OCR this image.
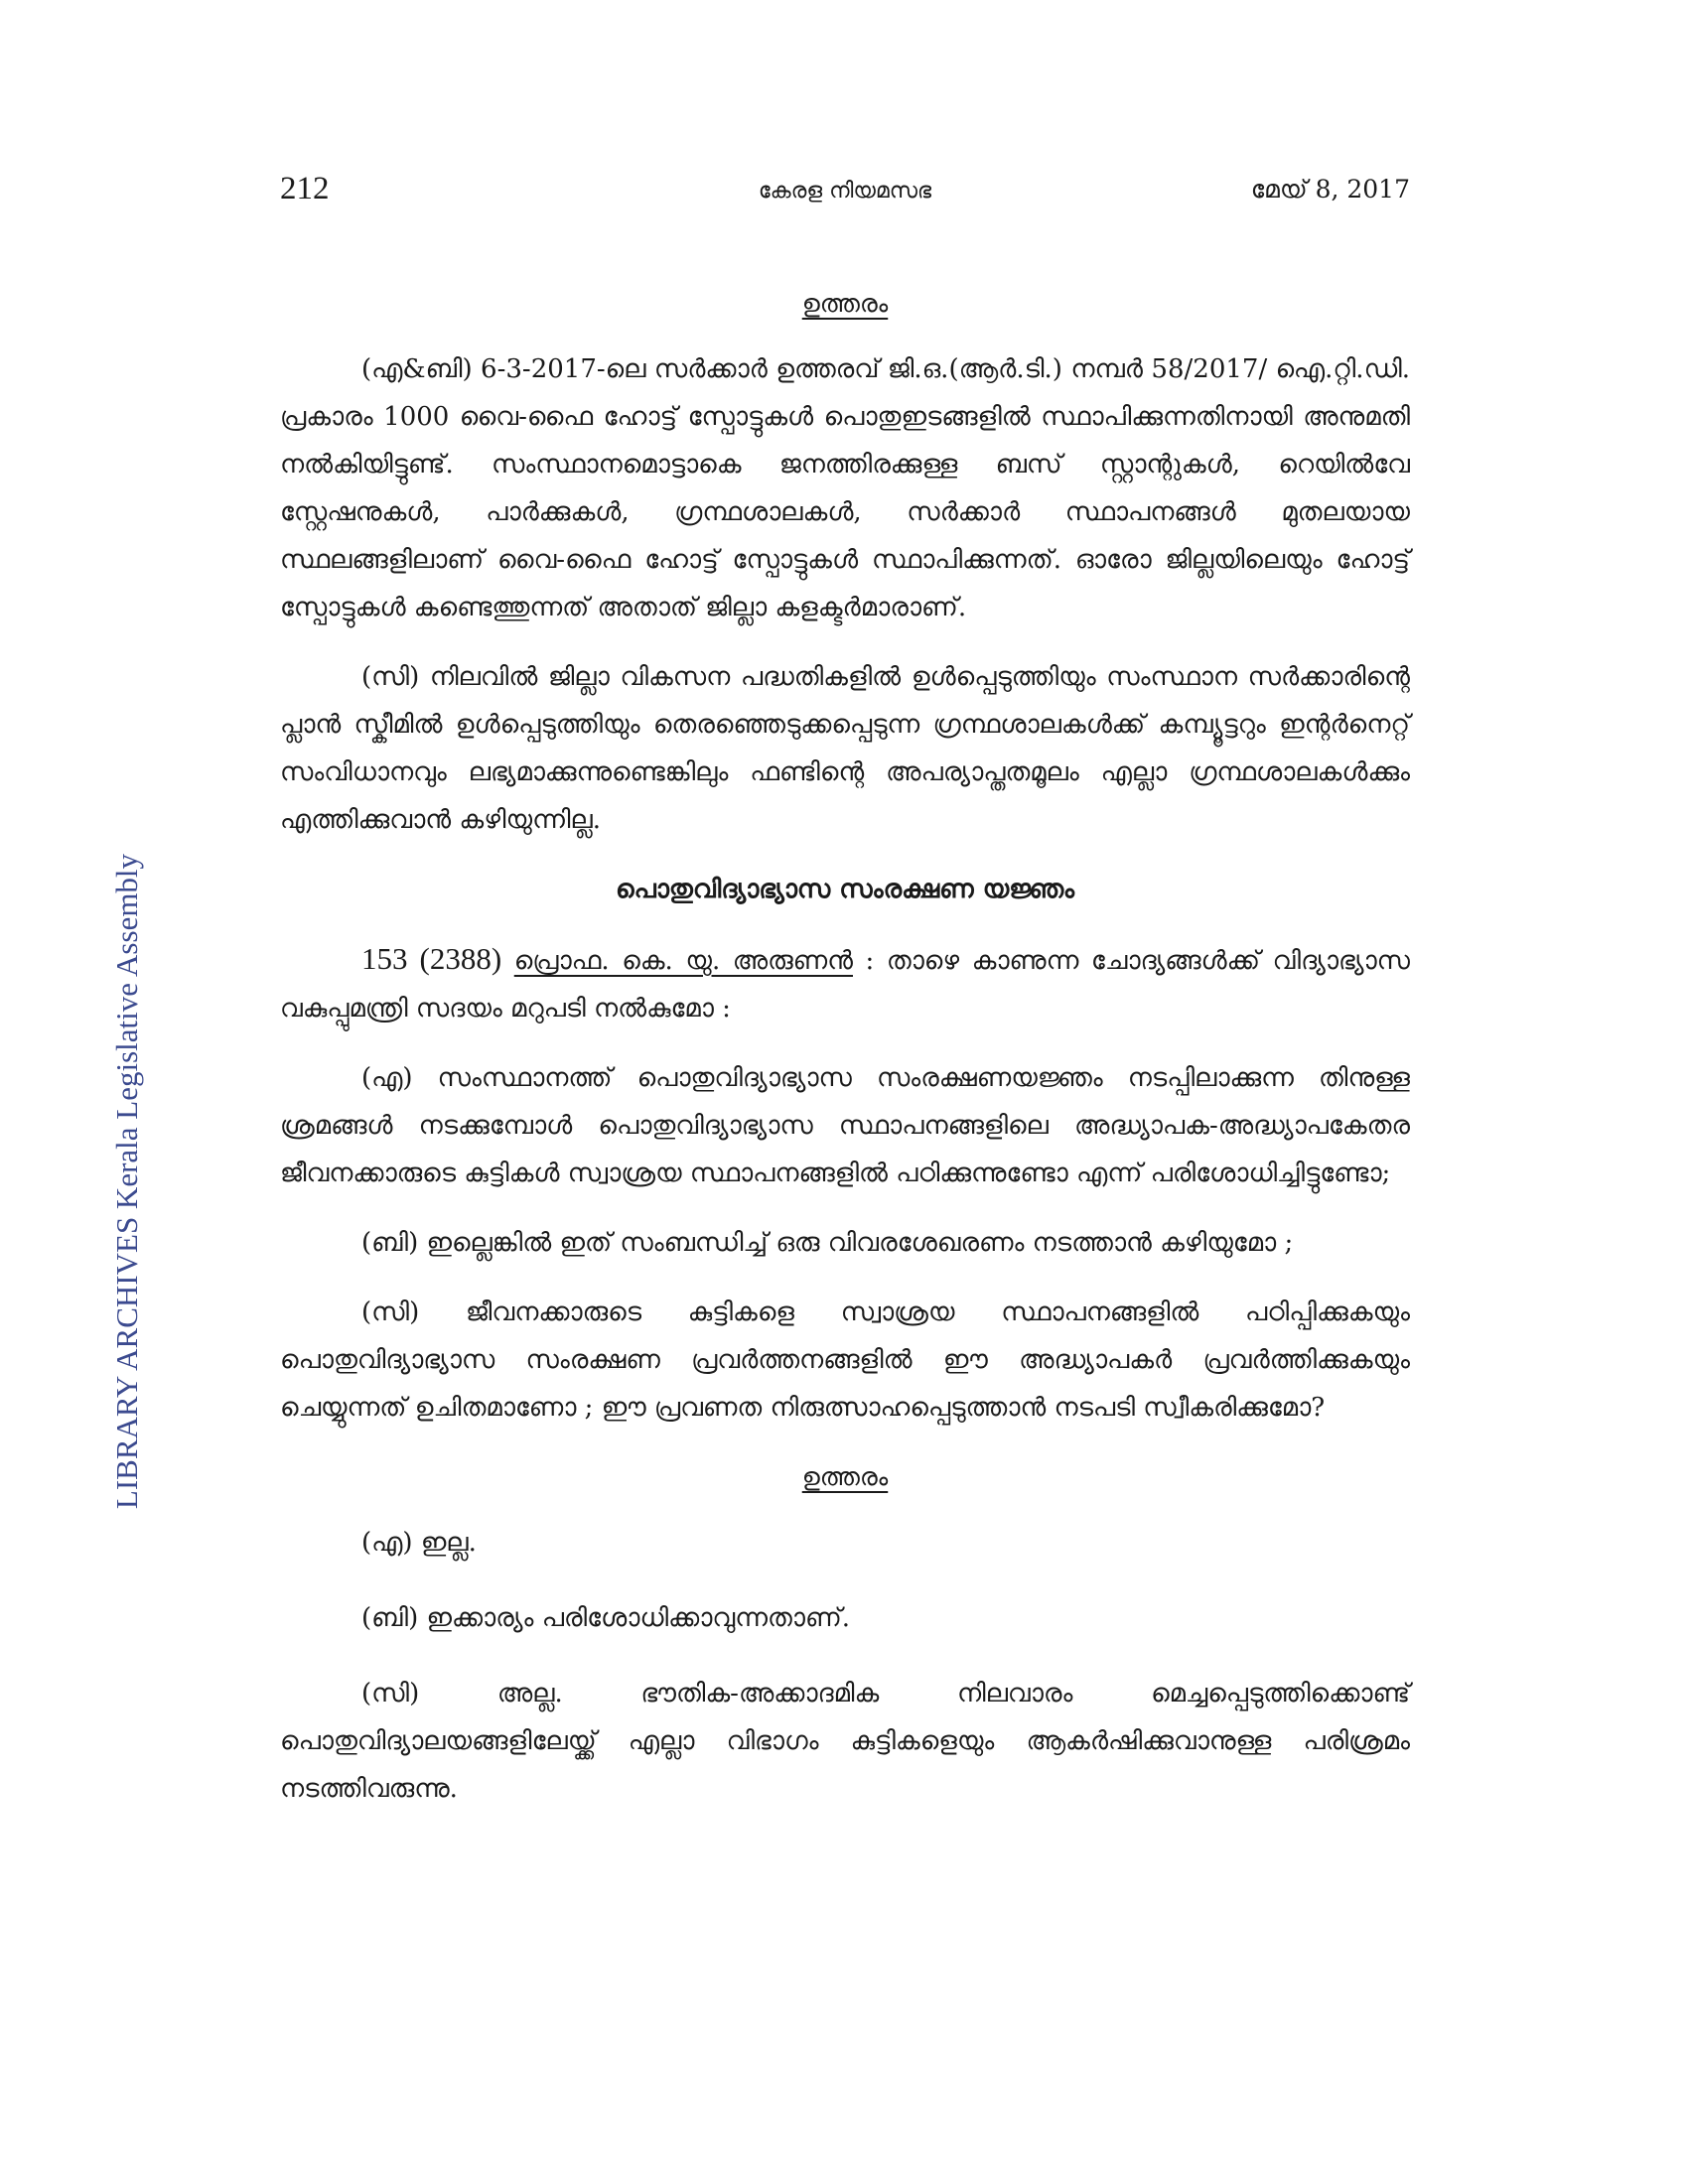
LIBRARY ARCHIVES Kerala Legislative Assembly
212	കേരള നിയമസഭ	മേയ് 8, 2017
ഉത്തരം

(എ&ബി) 6-3-2017-ലെ സർക്കാർ ഉത്തരവ് ജി.ഒ.(ആർ.ടി.) നമ്പർ 58/2017/ ഐ.റ്റി.ഡി. പ്രകാരം 1000 വൈ-ഫൈ ഹോട്ട് സ്പോട്ടുകൾ പൊതുഇടങ്ങളിൽ സ്ഥാപിക്കുന്നതിനായി അനുമതി നൽകിയിട്ടുണ്ട്. സംസ്ഥാനമൊട്ടാകെ ജനത്തിരക്കുള്ള ബസ് സ്റ്റാന്റുകൾ, റെയിൽവേ സ്റ്റേഷനുകൾ, പാർക്കുകൾ, ഗ്രന്ഥശാലകൾ, സർക്കാർ സ്ഥാപനങ്ങൾ മുതലയായ സ്ഥലങ്ങളിലാണ് വൈ-ഫൈ ഹോട്ട് സ്പോട്ടുകൾ സ്ഥാപിക്കുന്നത്. ഓരോ ജില്ലയിലെയും ഹോട്ട് സ്പോട്ടുകൾ കണ്ടെത്തുന്നത് അതാത് ജില്ലാ കളക്ടർമാരാണ്.

(സി) നിലവിൽ ജില്ലാ വികസന പദ്ധതികളിൽ ഉൾപ്പെടുത്തിയും സംസ്ഥാന സർക്കാരിന്റെ പ്ലാൻ സ്കീമിൽ ഉൾപ്പെടുത്തിയും തെരഞ്ഞെടുക്കപ്പെടുന്ന ഗ്രന്ഥശാലകൾക്ക് കമ്പ്യൂട്ടറും ഇന്റർനെറ്റ് സംവിധാനവും ലഭ്യമാക്കുന്നുണ്ടെങ്കിലും ഫണ്ടിന്റെ അപര്യാപ്തതമൂലം എല്ലാ ഗ്രന്ഥശാലകൾക്കും എത്തിക്കുവാൻ കഴിയുന്നില്ല.

പൊതുവിദ്യാഭ്യാസ സംരക്ഷണ യജ്ഞം

153 (2388) പ്രൊഫ. കെ. യു. അരുണൻ : താഴെ കാണുന്ന ചോദ്യങ്ങൾക്ക് വിദ്യാഭ്യാസ വകുപ്പുമന്ത്രി സദയം മറുപടി നൽകുമോ :

(എ) സംസ്ഥാനത്ത് പൊതുവിദ്യാഭ്യാസ സംരക്ഷണയജ്ഞം നടപ്പിലാക്കുന്ന തിനുള്ള ശ്രമങ്ങൾ നടക്കുമ്പോൾ പൊതുവിദ്യാഭ്യാസ സ്ഥാപനങ്ങളിലെ അദ്ധ്യാപക-അദ്ധ്യാപകേതര ജീവനക്കാരുടെ കുട്ടികൾ സ്വാശ്രയ സ്ഥാപനങ്ങളിൽ പഠിക്കുന്നുണ്ടോ എന്ന് പരിശോധിച്ചിട്ടുണ്ടോ;

(ബി) ഇല്ലെങ്കിൽ ഇത് സംബന്ധിച്ച് ഒരു വിവരശേഖരണം നടത്താൻ കഴിയുമോ ;

(സി) ജീവനക്കാരുടെ കുട്ടികളെ സ്വാശ്രയ സ്ഥാപനങ്ങളിൽ പഠിപ്പിക്കുകയും പൊതുവിദ്യാഭ്യാസ സംരക്ഷണ പ്രവർത്തനങ്ങളിൽ ഈ അദ്ധ്യാപകർ പ്രവർത്തിക്കുകയും ചെയ്യുന്നത് ഉചിതമാണോ ; ഈ പ്രവണത നിരുത്സാഹപ്പെടുത്താൻ നടപടി സ്വീകരിക്കുമോ?

ഉത്തരം

(എ) ഇല്ല.

(ബി) ഇക്കാര്യം പരിശോധിക്കാവുന്നതാണ്.

(സി) അല്ല. ഭൗതിക-അക്കാദമിക നിലവാരം മെച്ചപ്പെടുത്തിക്കൊണ്ട് പൊതുവിദ്യാലയങ്ങളിലേയ്ക്ക് എല്ലാ വിഭാഗം കുട്ടികളെയും ആകർഷിക്കുവാനുള്ള പരിശ്രമം നടത്തിവരുന്നു.
